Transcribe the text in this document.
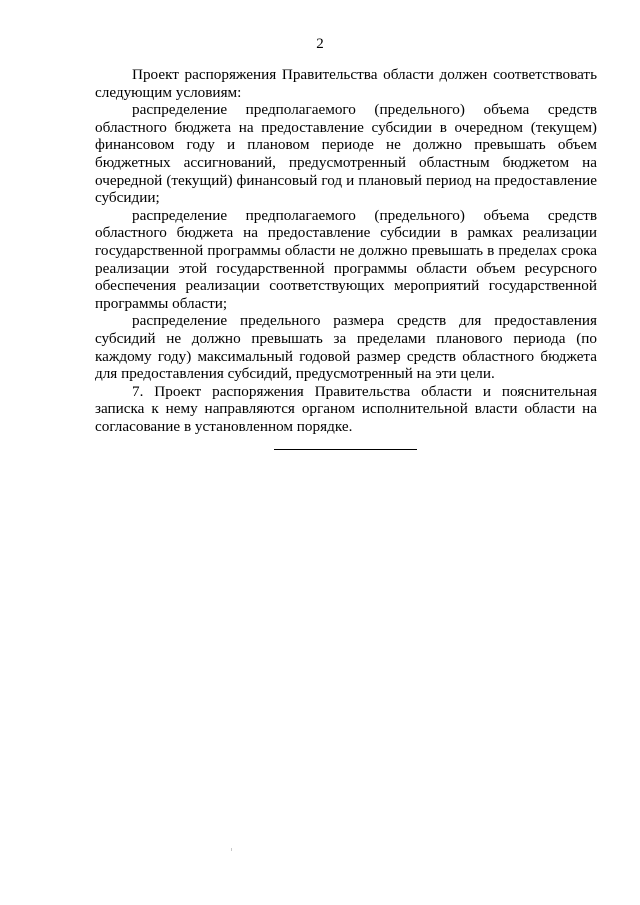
2

Проект распоряжения Правительства области должен соответствовать следующим условиям:

распределение предполагаемого (предельного) объема средств областного бюджета на предоставление субсидии в очередном (текущем) финансовом году и плановом периоде не должно превышать объем бюджетных ассигнований, предусмотренный областным бюджетом на очередной (текущий) финансовый год и плановый период на предоставление субсидии;

распределение предполагаемого (предельного) объема средств областного бюджета на предоставление субсидии в рамках реализации государственной программы области не должно превышать в пределах срока реализации этой государственной программы области объем ресурсного обеспечения реализации соответствующих мероприятий государственной программы области;

распределение предельного размера средств для предоставления субсидий не должно превышать за пределами планового периода (по каждому году) максимальный годовой размер средств областного бюджета для предоставления субсидий, предусмотренный на эти цели.

7. Проект распоряжения Правительства области и пояснительная записка к нему направляются органом исполнительной власти области на согласование в установленном порядке.
